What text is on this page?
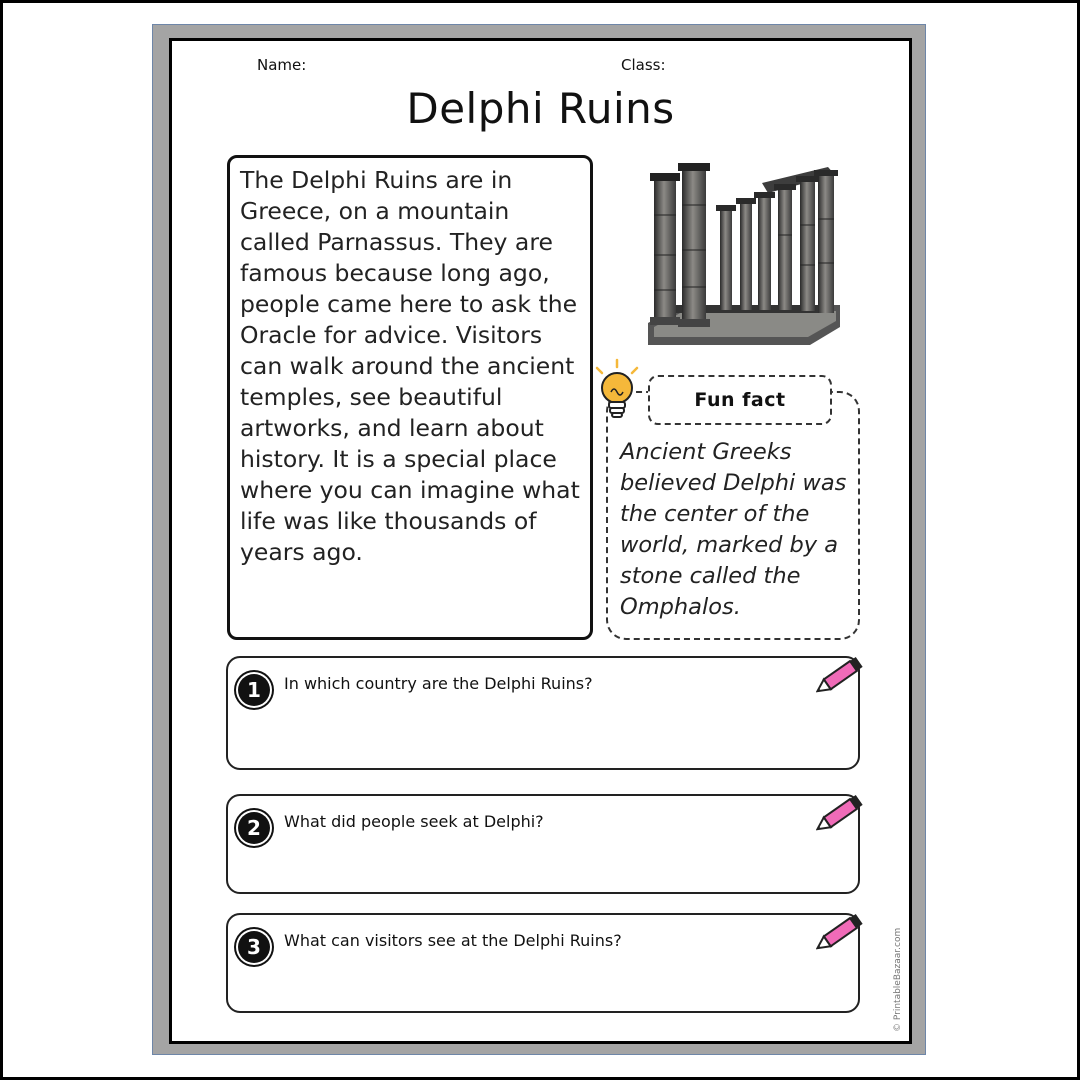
Name:	Class:
Delphi Ruins

The Delphi Ruins are in Greece, on a mountain called Parnassus. They are famous because long ago, people came here to ask the Oracle for advice. Visitors can walk around the ancient temples, see beautiful artworks, and learn about history. It is a special place where you can imagine what life was like thousands of years ago.

Ancient Greeks believed Delphi was the center of the world, marked by a stone called the Omphalos.

Fun fact
1	In which country are the Delphi Ruins?
2	What did people seek at Delphi?
3	What can visitors see at the Delphi Ruins?	© PrintableBazaar.com
